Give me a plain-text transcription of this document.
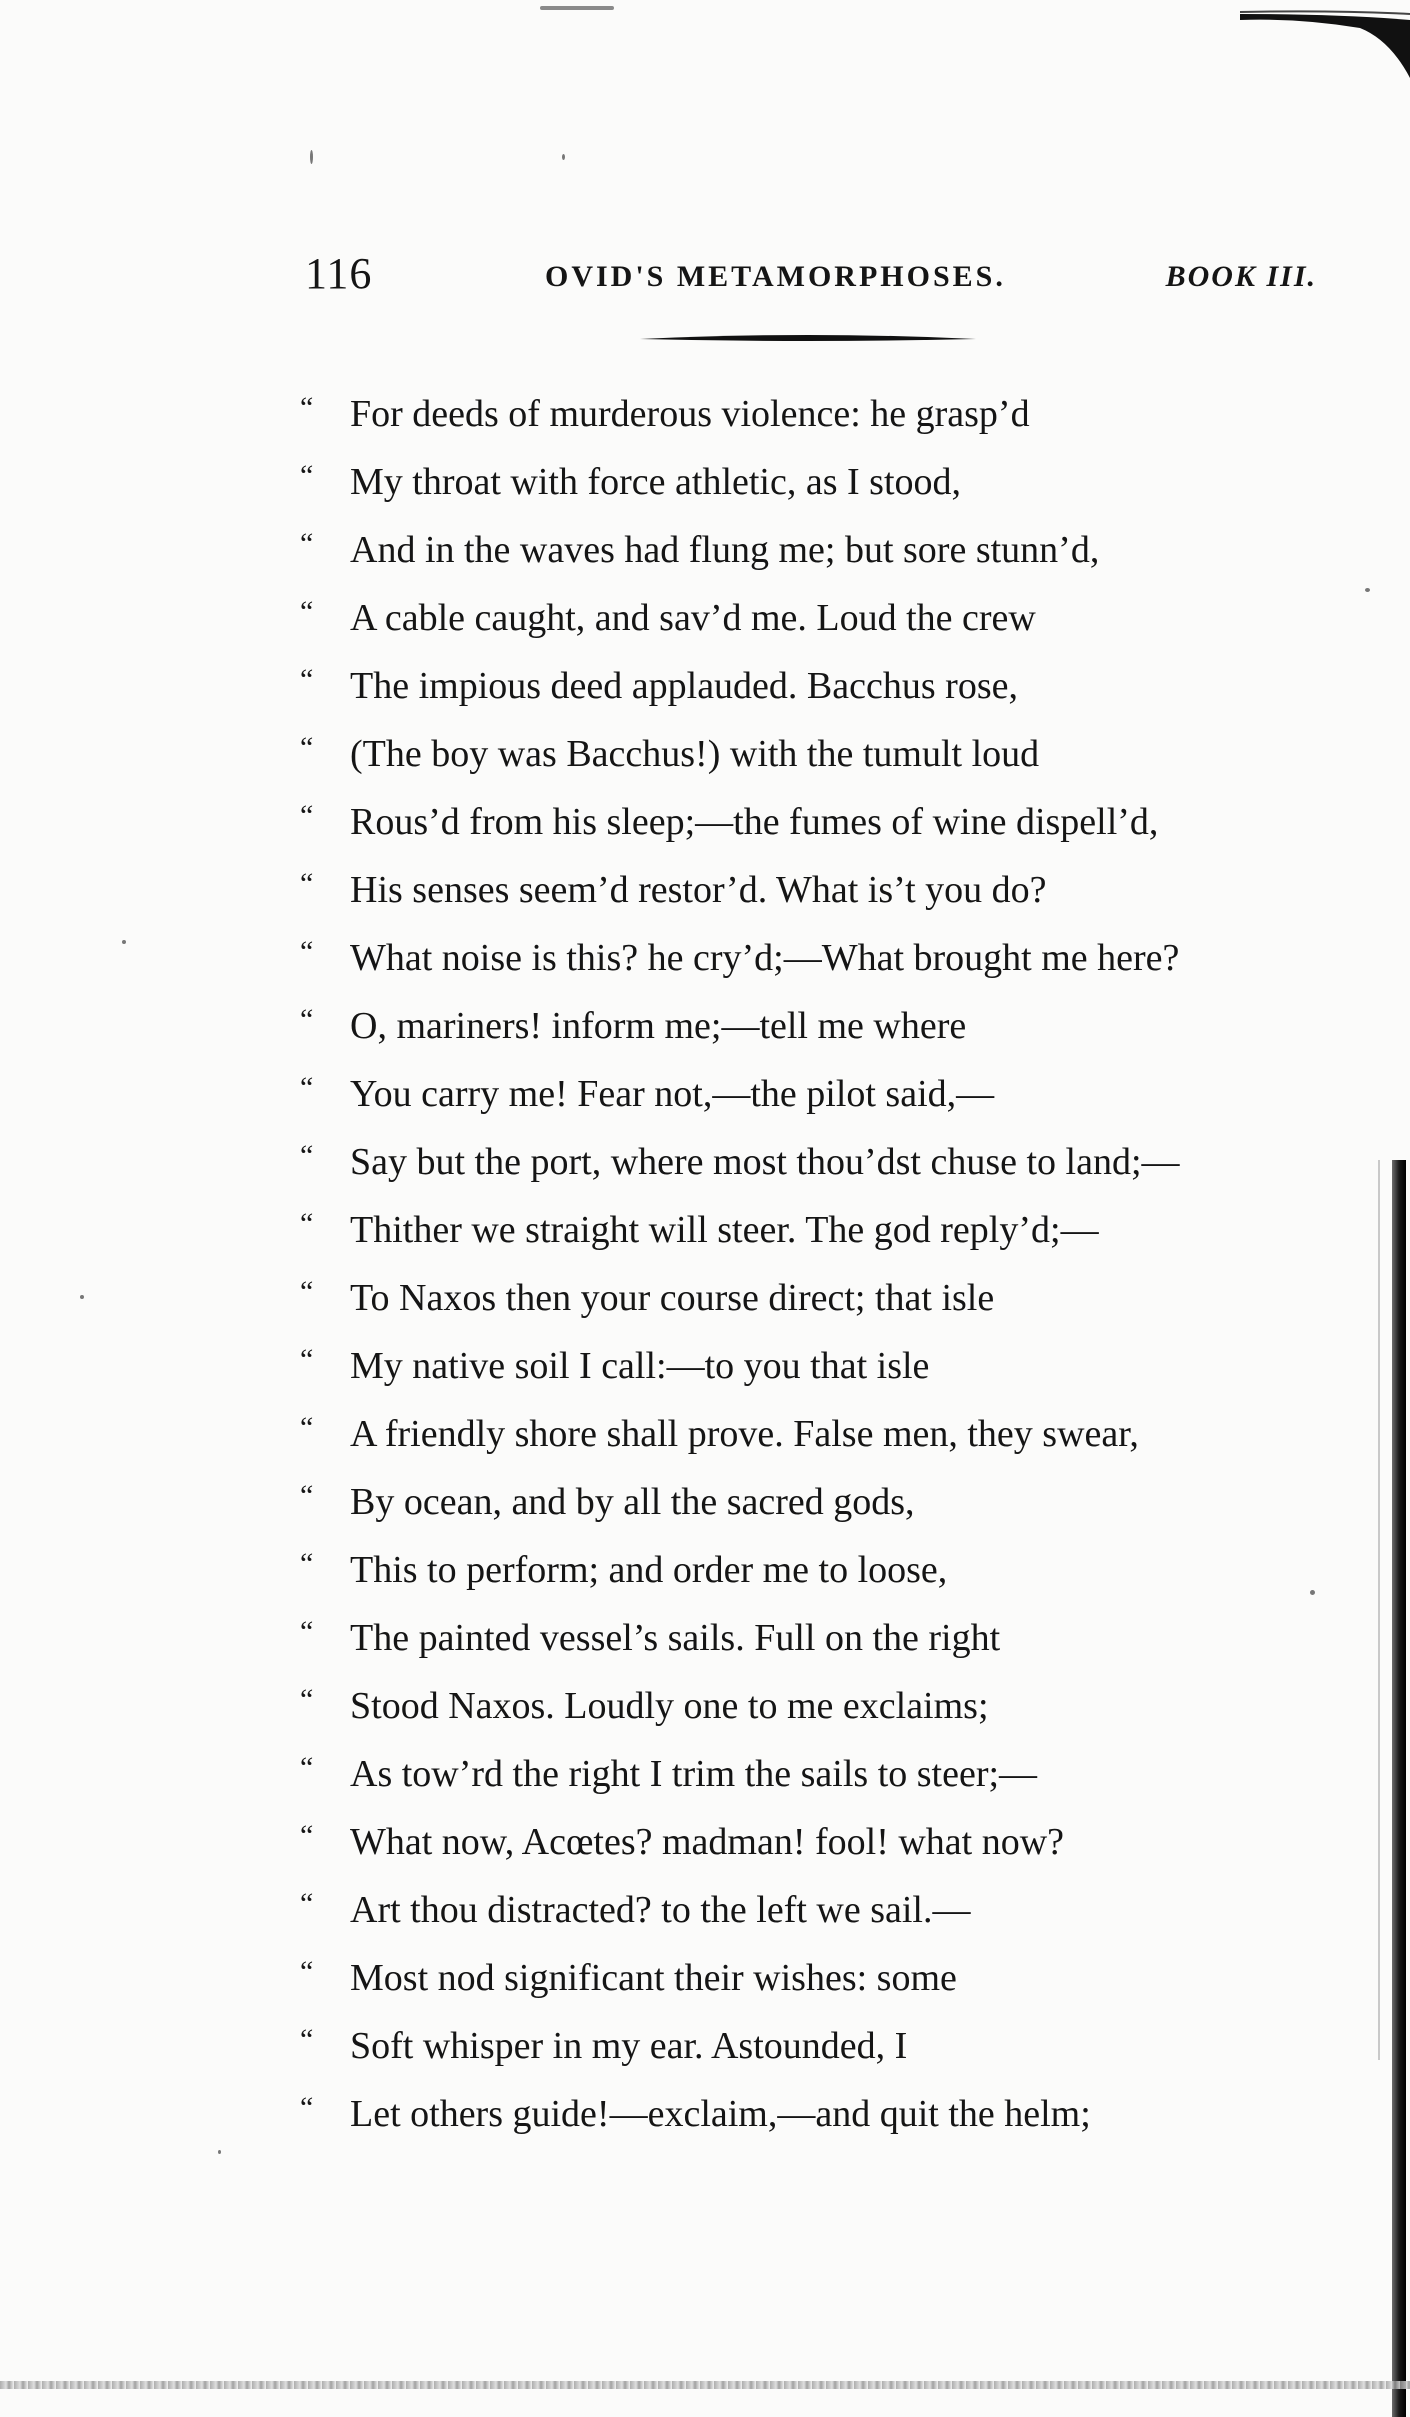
116	OVID'S METAMORPHOSES.	BOOK III.
“ For deeds of murderous violence: he grasp’d
“ My throat with force athletic, as I stood,
“ And in the waves had flung me; but sore stunn’d,
“ A cable caught, and sav’d me. Loud the crew
“ The impious deed applauded. Bacchus rose,
“ (The boy was Bacchus!) with the tumult loud
“ Rous’d from his sleep;—the fumes of wine dispell’d,
“ His senses seem’d restor’d. What is’t you do?
“ What noise is this? he cry’d;—What brought me here?
“ O, mariners! inform me;—tell me where
“ You carry me! Fear not,—the pilot said,—
“ Say but the port, where most thou’dst chuse to land;—
“ Thither we straight will steer. The god reply’d;—
“ To Naxos then your course direct; that isle
“ My native soil I call:—to you that isle
“ A friendly shore shall prove. False men, they swear,
“ By ocean, and by all the sacred gods,
“ This to perform; and order me to loose,
“ The painted vessel’s sails. Full on the right
“ Stood Naxos. Loudly one to me exclaims;
“ As tow’rd the right I trim the sails to steer;—
“ What now, Acœtes? madman! fool! what now?
“ Art thou distracted? to the left we sail.—
“ Most nod significant their wishes: some
“ Soft whisper in my ear. Astounded, I
“ Let others guide!—exclaim,—and quit the helm;
